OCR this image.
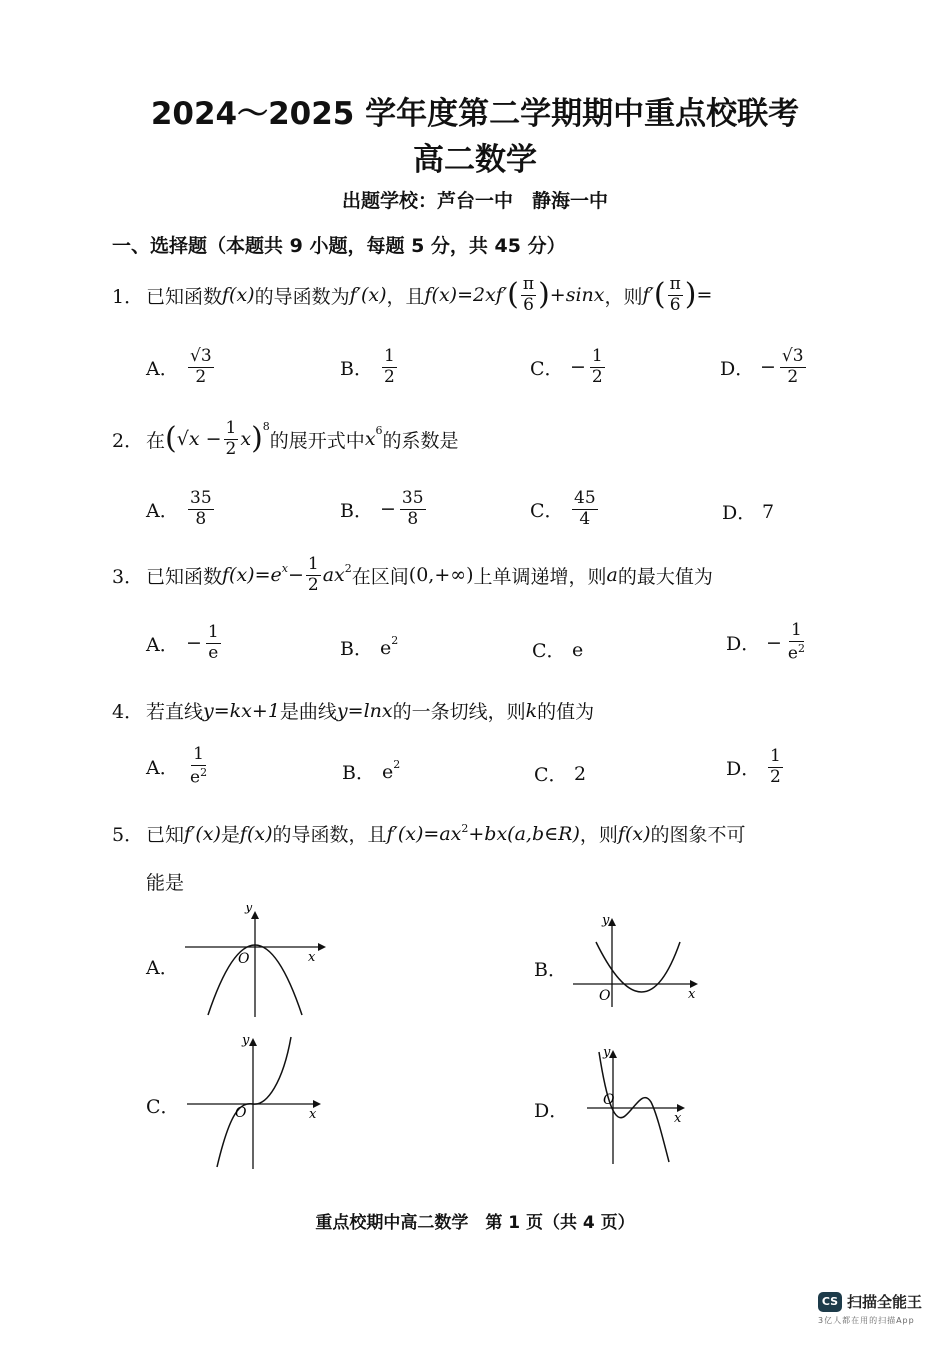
2024～2025 学年度第二学期期中重点校联考
高二数学
出题学校：芦台一中　静海一中
一、选择题（本题共 9 小题，每题 5 分，共 45 分）
1． 已知函数 f(x) 的导函数为 f′(x) ，且 f(x)=2xf′ ( $\frac{\pi}{6}$ ) +sinx ，则 f′ ( $\frac{\pi}{6}$ ) =
A． $\frac{√3}{2}$	B． $\frac{1}{2}$	C． − $\frac{1}{2}$	D． − $\frac{√3}{2}$
2． 在 ( $√x - \frac{1}{2}$ x )$^8$
的展开式中 $x^6$ 的系数是
A． $\frac{35}{8}$	B． − $\frac{35}{8}$	C． $\frac{45}{4}$	D． 7
3． 已知函数 $f(x)=e^x - \frac{1}{2} ax^2$ 在区间 (0,+∞) 上单调递增，则 a 的最大值为
A． − $\frac{1}{e}$	B． $e^2$	C． e	D． − $\frac{1}{e^2}$
4． 若直线 y=kx+1 是曲线 y=lnx 的一条切线，则 k 的值为
A． $\frac{1}{e^2}$	B． $e^2$	C． 2	D． $\frac{1}{2}$
5． 已知 f′(x) 是 f(x) 的导函数，且 $f'(x)=ax^2$ +bx(a,b∈R) ，则 f(x) 的图象不可
能是
A．	B．
C．	D．
y
x
O
y
x
O
y
x
O
y
x
O
重点校期中高二数学　第 1 页（共 4 页）
CS 扫描全能王
3亿人都在用的扫描App
